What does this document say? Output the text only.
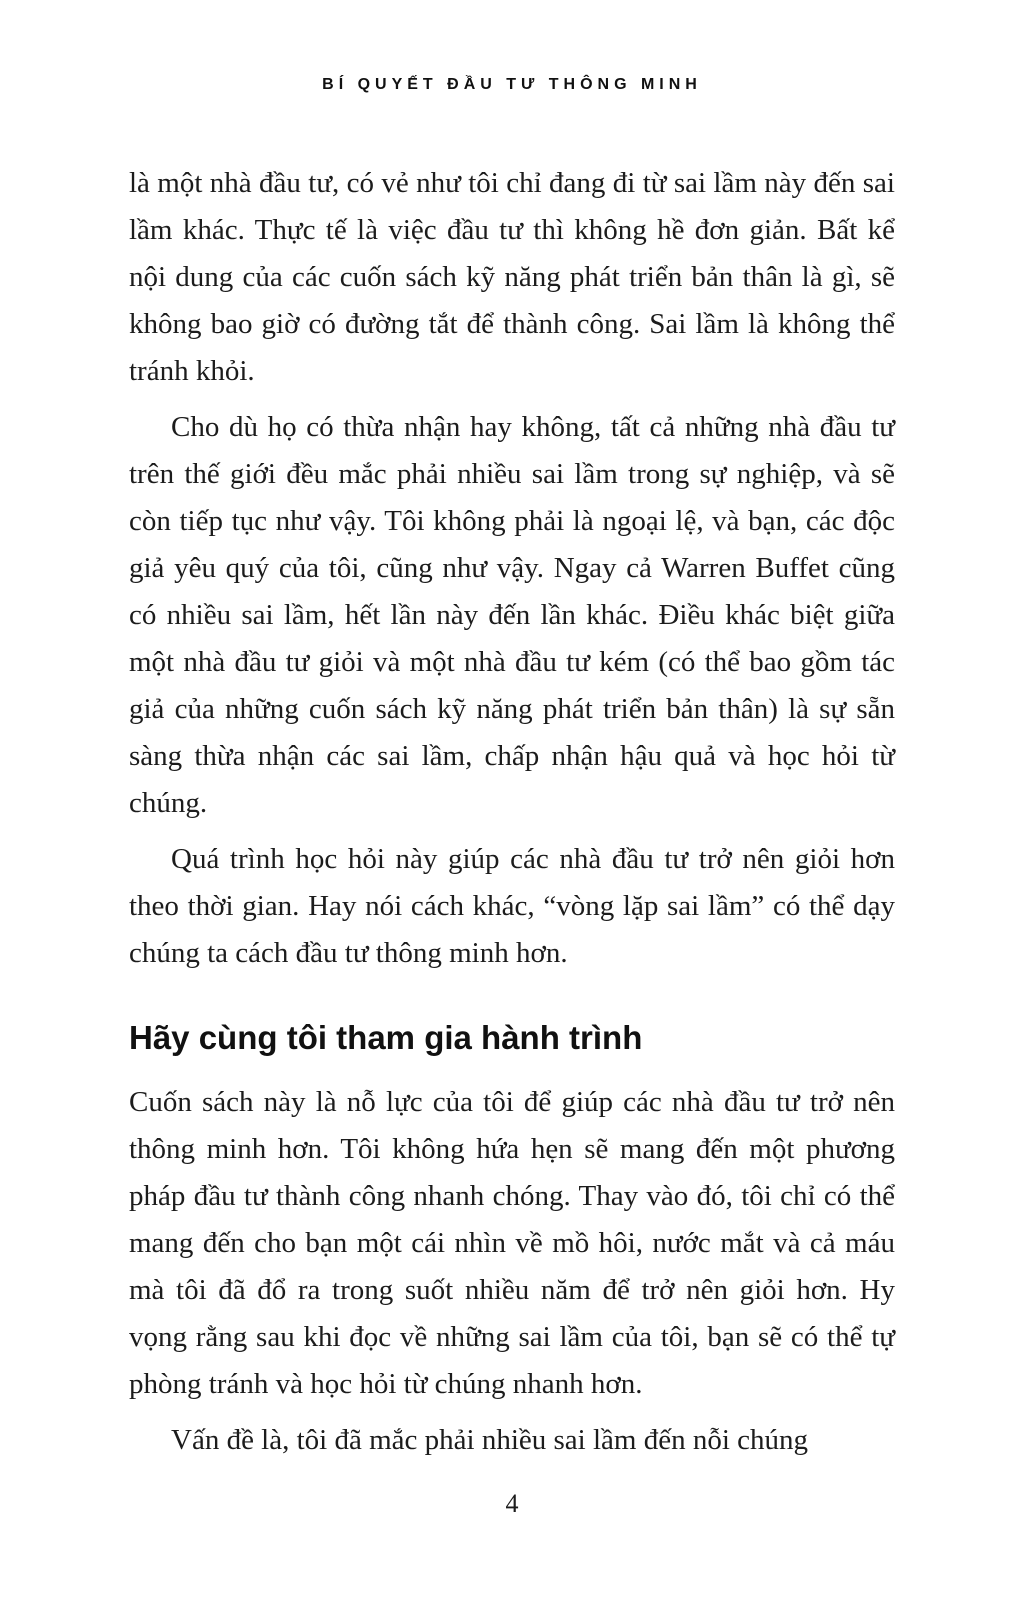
BÍ QUYẾT ĐẦU TƯ THÔNG MINH

là một nhà đầu tư, có vẻ như tôi chỉ đang đi từ sai lầm này đến sai lầm khác. Thực tế là việc đầu tư thì không hề đơn giản. Bất kể nội dung của các cuốn sách kỹ năng phát triển bản thân là gì, sẽ không bao giờ có đường tắt để thành công. Sai lầm là không thể tránh khỏi.

Cho dù họ có thừa nhận hay không, tất cả những nhà đầu tư trên thế giới đều mắc phải nhiều sai lầm trong sự nghiệp, và sẽ còn tiếp tục như vậy. Tôi không phải là ngoại lệ, và bạn, các độc giả yêu quý của tôi, cũng như vậy. Ngay cả Warren Buffet cũng có nhiều sai lầm, hết lần này đến lần khác. Điều khác biệt giữa một nhà đầu tư giỏi và một nhà đầu tư kém (có thể bao gồm tác giả của những cuốn sách kỹ năng phát triển bản thân) là sự sẵn sàng thừa nhận các sai lầm, chấp nhận hậu quả và học hỏi từ chúng.

Quá trình học hỏi này giúp các nhà đầu tư trở nên giỏi hơn theo thời gian. Hay nói cách khác, “vòng lặp sai lầm” có thể dạy chúng ta cách đầu tư thông minh hơn.

Hãy cùng tôi tham gia hành trình

Cuốn sách này là nỗ lực của tôi để giúp các nhà đầu tư trở nên thông minh hơn. Tôi không hứa hẹn sẽ mang đến một phương pháp đầu tư thành công nhanh chóng. Thay vào đó, tôi chỉ có thể mang đến cho bạn một cái nhìn về mồ hôi, nước mắt và cả máu mà tôi đã đổ ra trong suốt nhiều năm để trở nên giỏi hơn. Hy vọng rằng sau khi đọc về những sai lầm của tôi, bạn sẽ có thể tự phòng tránh và học hỏi từ chúng nhanh hơn.

Vấn đề là, tôi đã mắc phải nhiều sai lầm đến nỗi chúng

4
